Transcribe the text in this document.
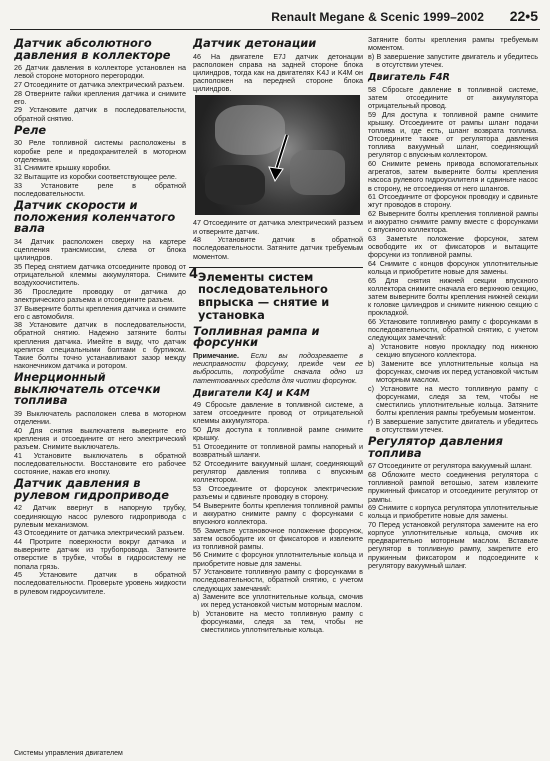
Renault Megane & Scenic 1999–2002 22•5
Датчик абсолютного давления в коллекторе
26 Датчик давления в коллекторе установлен на левой стороне моторного перегородки.
27 Отсоедините от датчика электрический разъем.
28 Отверните гайки крепления датчика и снимите его.
29 Установите датчик в последовательности, обратной снятию.
Реле
30 Реле топливной системы расположены в коробке реле и предохранителей в моторном отделении.
31 Снимите крышку коробки.
32 Вытащите из коробки соответствующее реле.
33 Установите реле в обратной последовательности.
Датчик скорости и положения коленчатого вала
34 Датчик расположен сверху на картере сцепления трансмиссии, слева от блока цилиндров.
35 Перед снятием датчика отсоедините провод от отрицательной клеммы аккумулятора. Снимите воздухоочиститель.
36 Проследите проводку от датчика до электрического разъема и отсоедините разъем.
37 Выверните болты крепления датчика и снимите его с автомобиля.
38 Установите датчик в последовательности, обратной снятию. Надежно затяните болты крепления датчика. Имейте в виду, что датчик крепится специальными болтами с буртиком. Такие болты точно устанавливают зазор между наконечником датчика и ротором.
Инерционный выключатель отсечки топлива
39 Выключатель расположен слева в моторном отделении.
40 Для снятия выключателя выверните его крепления и отсоедините от него электрический разъем. Снимите выключатель.
41 Установите выключатель в обратной последовательности. Восстановите его рабочее состояние, нажав его кнопку.
Датчик давления в рулевом гидроприводе
42 Датчик ввернут в напорную трубку, соединяющую насос рулевого гидропривода с рулевым механизмом.
43 Отсоедините от датчика электрический разъем.
44 Протрите поверхности вокруг датчика и выверните датчик из трубопровода. Заткните отверстие в трубке, чтобы в гидросистему не попала грязь.
45 Установите датчик в обратной последовательности. Проверьте уровень жидкости в рулевом гидроусилителе.
Датчик детонации
46 На двигателе E7J датчик детонации расположен справа на задней стороне блока цилиндров, тогда как на двигателях K4J и K4M он расположен на передней стороне блока цилиндров.
47 Отсоедините от датчика электрический разъем и отверните датчик.
48 Установите датчик в обратной последовательности. Затяните датчик требуемым моментом.
4 Элементы систем последовательного впрыска — снятие и установка
Топливная рампа и форсунки
Примечание. Если вы подозреваете в неисправности форсунку, прежде чем ее выбросить, попробуйте сначала одно из патентованных средств для чистки форсунок.
Двигатели K4J и K4M
49 Сбросьте давление в топливной системе, а затем отсоедините провод от отрицательной клеммы аккумулятора.
50 Для доступа к топливной рампе снимите крышку.
51 Отсоедините от топливной рампы напорный и возвратный шланги.
52 Отсоедините вакуумный шланг, соединяющий регулятор давления топлива с впускным коллектором.
53 Отсоедините от форсунок электрические разъемы и сдвиньте проводку в сторону.
54 Выверните болты крепления топливной рампы и аккуратно снимите рампу с форсунками с впускного коллектора.
55 Заметьте установочное положение форсунок, затем освободите их от фиксаторов и извлеките из топливной рампы.
56 Снимите с форсунок уплотнительные кольца и приобретите новые для замены.
57 Установите топливную рампу с форсунками в последовательности, обратной снятию, с учетом следующих замечаний:
a) Замените все уплотнительные кольца, смочив их перед установкой чистым моторным маслом.
b) Установите на место топливную рампу с форсунками, следя за тем, чтобы не сместились уплотнительные кольца.
Затяните болты крепления рампы требуемым моментом.
в) В завершение запустите двигатель и убедитесь в отсутствии утечек.
Двигатель F4R
58 Сбросьте давление в топливной системе, затем отсоедините от аккумулятора отрицательный провод.
59 Для доступа к топливной рампе снимите крышку. Отсоедините от рампы шланг подачи топлива и, где есть, шланг возврата топлива. Отсоедините также от регулятора давления топлива вакуумный шланг, соединяющий регулятор с впускным коллектором.
60 Снимите ремень привода вспомогательных агрегатов, затем выверните болты крепления насоса рулевого гидроусилителя и сдвиньте насос в сторону, не отсоединяя от него шлангов.
61 Отсоедините от форсунок проводку и сдвиньте жгут проводов в сторону.
62 Выверните болты крепления топливной рампы и аккуратно снимите рампу вместе с форсунками с впускного коллектора.
63 Заметьте положение форсунок, затем освободите их от фиксаторов и вытащите форсунки из топливной рампы.
64 Снимите с концов форсунок уплотнительные кольца и приобретите новые для замены.
65 Для снятия нижней секции впускного коллектора снимите сначала его верхнюю секцию, затем выверните болты крепления нижней секции к головке цилиндров и снимите нижнюю секцию с прокладкой.
66 Установите топливную рампу с форсунками в последовательности, обратной снятию, с учетом следующих замечаний:
a) Установите новую прокладку под нижнюю секцию впускного коллектора.
b) Замените все уплотнительные кольца на форсунках, смочив их перед установкой чистым моторным маслом.
c) Установите на место топливную рампу с форсунками, следя за тем, чтобы не сместились уплотнительные кольца. Затяните болты крепления рампы требуемым моментом.
г) В завершение запустите двигатель и убедитесь в отсутствии утечек.
Регулятор давления топлива
67 Отсоедините от регулятора вакуумный шланг.
68 Обложите место соединения регулятора с топливной рампой ветошью, затем извлеките пружинный фиксатор и отсоедините регулятор от рампы.
69 Снимите с корпуса регулятора уплотнительные кольца и приобретите новые для замены.
70 Перед установкой регулятора замените на его корпусе уплотнительные кольца, смочив их предварительно моторным маслом. Вставьте регулятор в топливную рампу, закрепите его пружинным фиксатором и подсоедините к регулятору вакуумный шланг.
Системы управления двигателем
